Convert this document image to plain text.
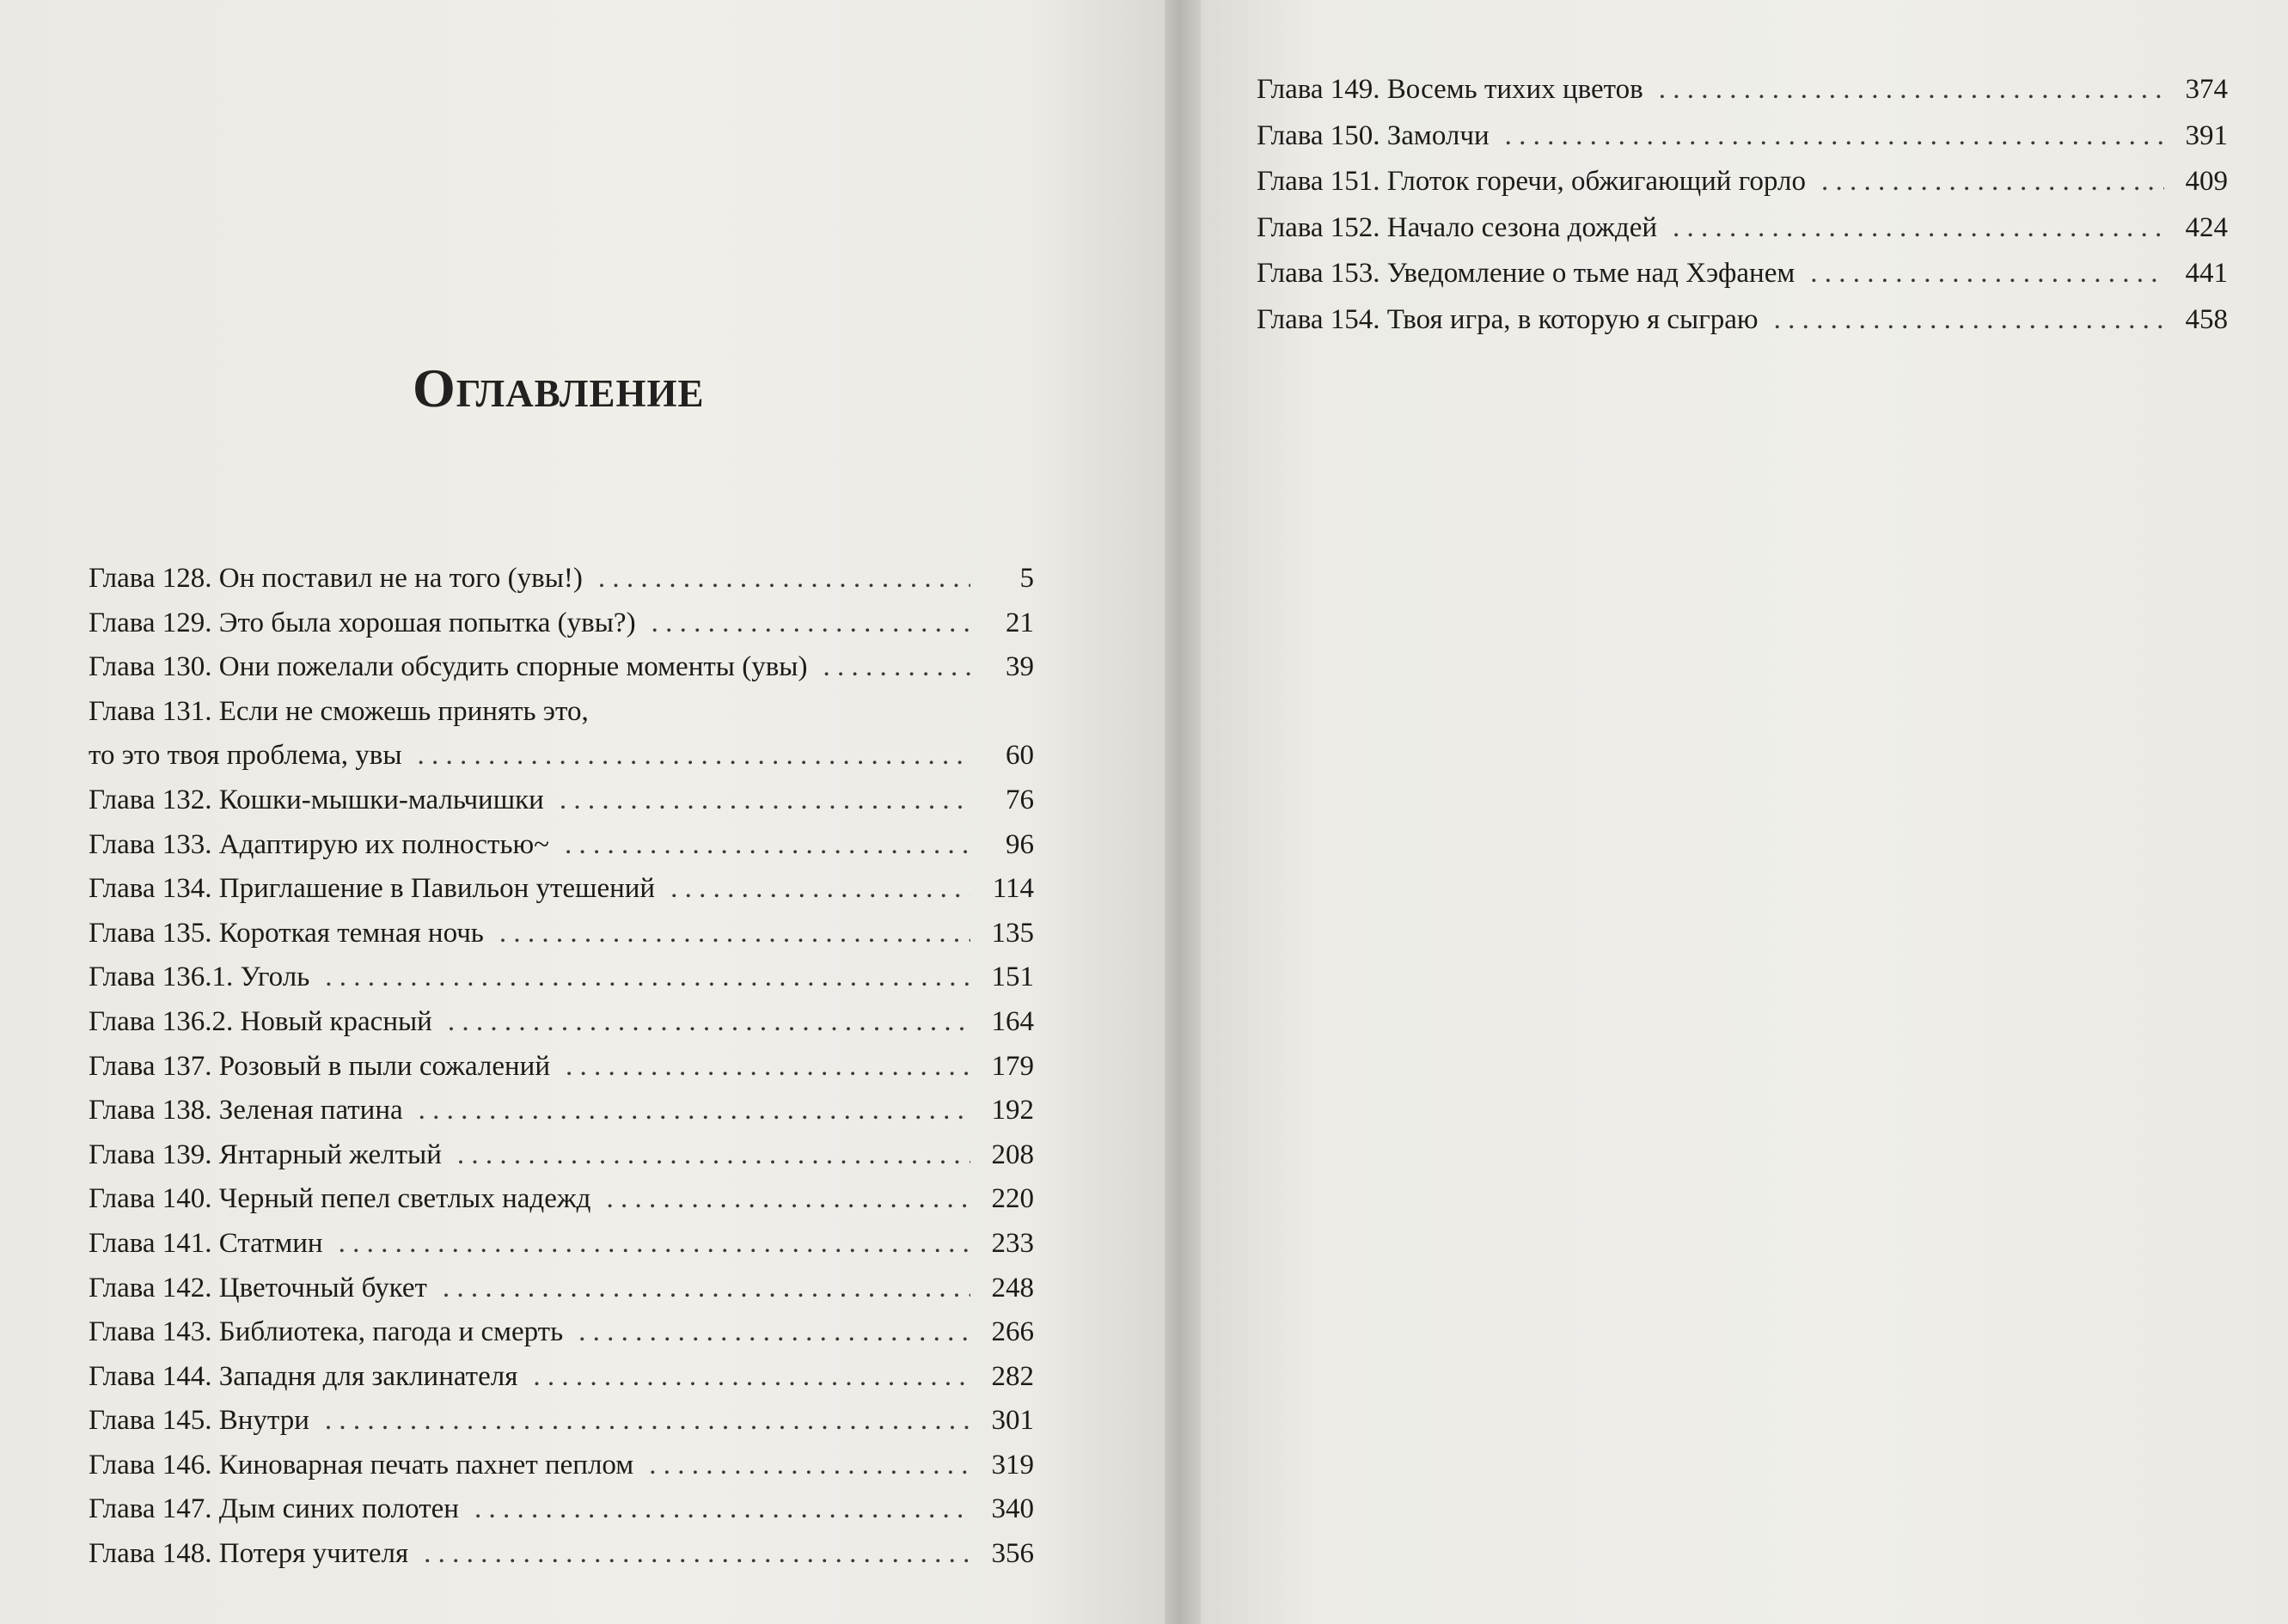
Оглавление
Глава 128. Он поставил не на того (увы!) . . .	5
Глава 129. Это была хорошая попытка (увы?) . . .	21
Глава 130. Они пожелали обсудить спорные моменты (увы) . . .	39
Глава 131. Если не сможешь принять это,
то это твоя проблема, увы . . .	60
Глава 132. Кошки-мышки-мальчишки . . .	76
Глава 133. Адаптирую их полностью~ . . .	96
Глава 134. Приглашение в Павильон утешений . . .	114
Глава 135. Короткая темная ночь . . .	135
Глава 136.1. Уголь . . .	151
Глава 136.2. Новый красный . . .	164
Глава 137. Розовый в пыли сожалений . . .	179
Глава 138. Зеленая патина . . .	192
Глава 139. Янтарный желтый . . .	208
Глава 140. Черный пепел светлых надежд . . .	220
Глава 141. Статмин . . .	233
Глава 142. Цветочный букет . . .	248
Глава 143. Библиотека, пагода и смерть . . .	266
Глава 144. Западня для заклинателя . . .	282
Глава 145. Внутри . . .	301
Глава 146. Киноварная печать пахнет пеплом . . .	319
Глава 147. Дым синих полотен . . .	340
Глава 148. Потеря учителя . . .	356
Глава 149. Восемь тихих цветов . . .	374
Глава 150. Замолчи . . .	391
Глава 151. Глоток горечи, обжигающий горло . . .	409
Глава 152. Начало сезона дождей . . .	424
Глава 153. Уведомление о тьме над Хэфанем . . .	441
Глава 154. Твоя игра, в которую я сыграю . . .	458
